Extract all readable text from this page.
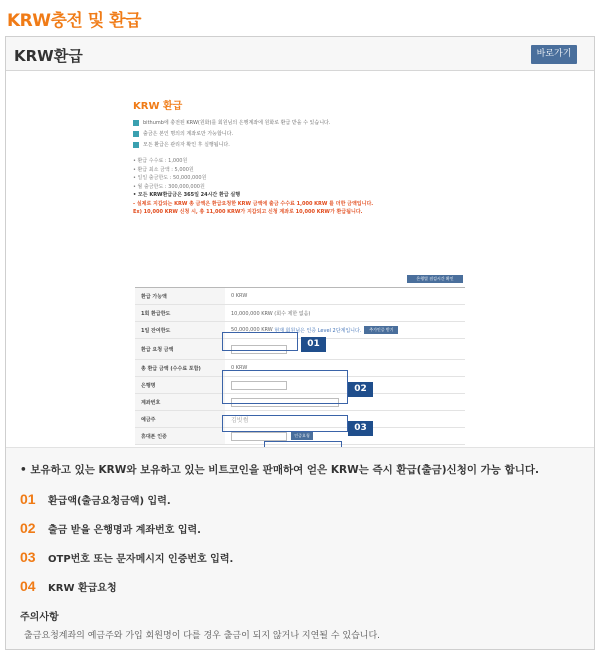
KRW충전 및 환급
KRW환급	바로가기
KRW 환급
bithumb에 충전된 KRW(원화)를 회원님의 은행계좌에 원화로 환급 받을 수 있습니다.
출금은 본인 명의의 계좌로만 가능합니다.
모든 환급은 관리자 확인 후 실행됩니다.
• 환급 수수료 : 1,000원
• 환급 최소 금액 : 5,000원
• 일일 출금한도 : 50,000,000원
• 월 출금한도 : 300,000,000원
• 모든 KRW환급금은 365일 24시간 환급 실행
- 실제로 지갑되는 KRW 총 금액은 환급요청한 KRW 금액에 출금 수수료 1,000 KRW 를 더한 금액입니다.
Ex) 10,000 KRW 신청 시, 총 11,000 KRW가 지갑되고 신청 계좌로 10,000 KRW가 환급됩니다.
은행별 점검시간 확인
환급 가능액	0 KRW
1회 환급한도	10,000,000 KRW (회수 제한 없음)
1일 잔여한도	50,000,000 KRW
현재 회원님은 인증 Level 2단계입니다.	추가인증 받기
환급 요청 금액
총 환급 금액 (수수료 포함)	0 KRW
은행명
계좌번호
예금주	김빗썸
휴대폰 인증	인증요청
01
02
03
• 보유하고 있는 KRW와 보유하고 있는 비트코인을 판매하여 얻은 KRW는 즉시 환급(출금)신청이 가능 합니다.
01	환급액(출금요청금액) 입력.
02	출금 받을 은행명과 계좌번호 입력.
03	OTP번호 또는 문자메시지 인증번호 입력.
04	KRW 환급요청
주의사항
출금요청계좌의 예금주와 가입 회원명이 다를 경우 출금이 되지 않거나 지연될 수 있습니다.
